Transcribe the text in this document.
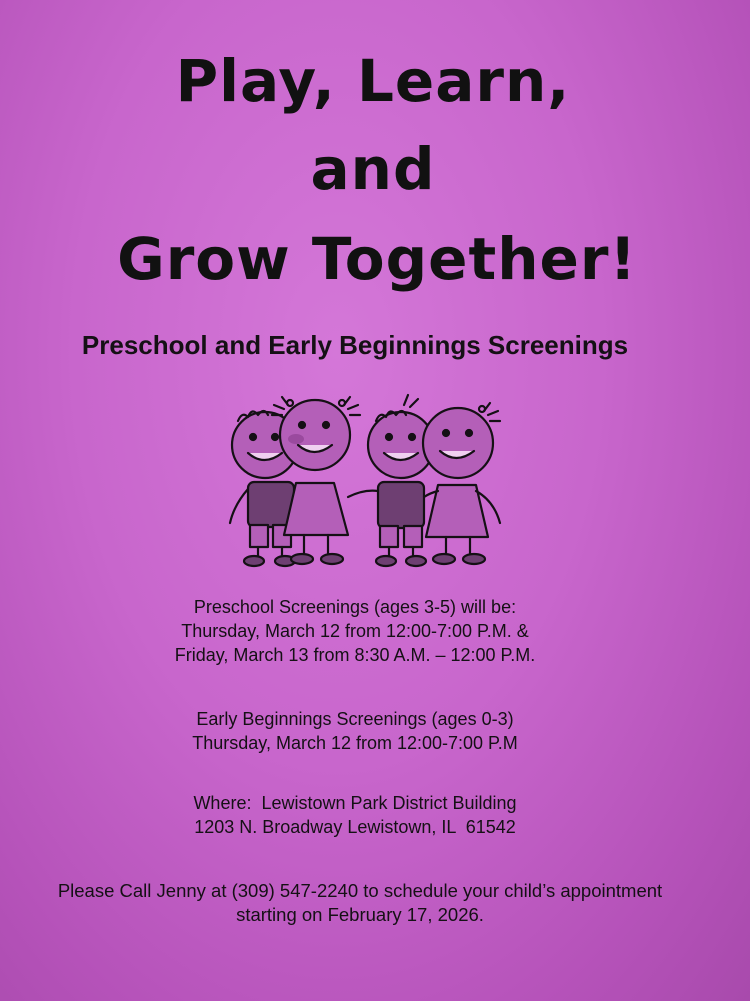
Play, Learn,
and
Grow Together!
Preschool and Early Beginnings Screenings
Preschool Screenings (ages 3-5) will be:
Thursday, March 12 from 12:00-7:00 P.M. &
Friday, March 13 from 8:30 A.M. – 12:00 P.M.
Early Beginnings Screenings (ages 0-3)
Thursday, March 12 from 12:00-7:00 P.M
Where:  Lewistown Park District Building
1203 N. Broadway Lewistown, IL  61542
Please Call Jenny at (309) 547-2240 to schedule your child’s appointment
starting on February 17, 2026.
